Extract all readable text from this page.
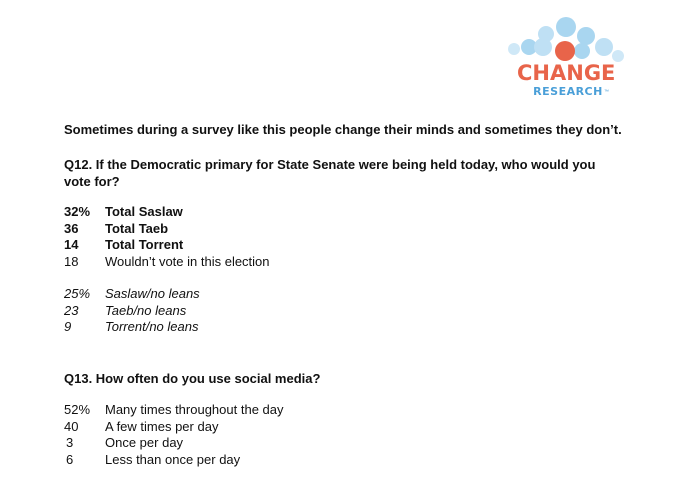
CHANGE
RESEARCH ™
Sometimes during a survey like this people change their minds and sometimes they don’t.
Q12. If the Democratic primary for State Senate were being held today, who would you vote for?
32% Total Saslaw
36 Total Taeb
14 Total Torrent
18 Wouldn’t vote in this election
25% Saslaw/no leans
23 Taeb/no leans
9	Torrent/no leans
Q13. How often do you use social media?
52% Many times throughout the day
40 A few times per day
3 Once per day
6 Less than once per day
